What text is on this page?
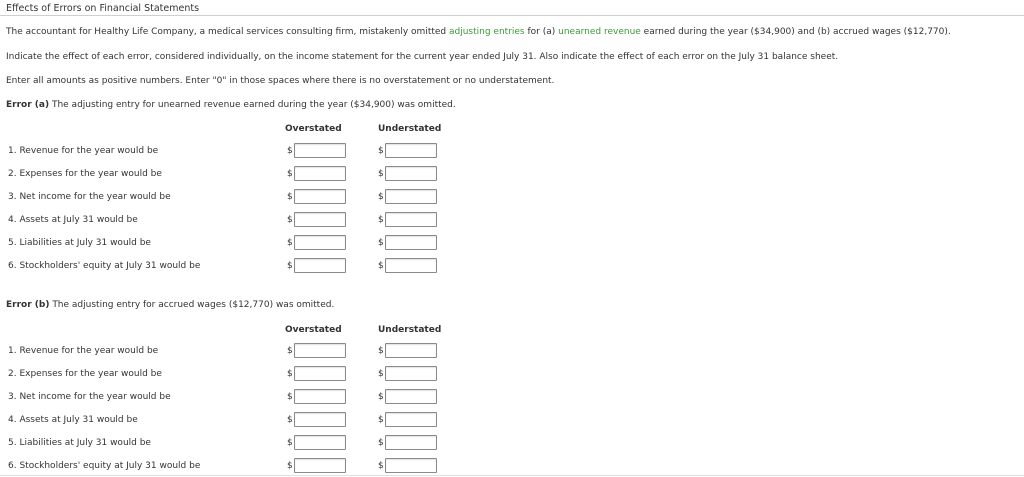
Effects of Errors on Financial Statements
The accountant for Healthy Life Company, a medical services consulting firm, mistakenly omitted adjusting entries for (a) unearned revenue earned during the year ($34,900) and (b) accrued wages ($12,770).
Indicate the effect of each error, considered individually, on the income statement for the current year ended July 31. Also indicate the effect of each error on the July 31 balance sheet.
Enter all amounts as positive numbers. Enter "0" in those spaces where there is no overstatement or no understatement.
Error (a) The adjusting entry for unearned revenue earned during the year ($34,900) was omitted.
Overstated	Understated
1. Revenue for the year would be	$	$
2. Expenses for the year would be	$	$
3. Net income for the year would be	$	$
4. Assets at July 31 would be	$	$
5. Liabilities at July 31 would be	$	$
6. Stockholders' equity at July 31 would be	$	$
Error (b) The adjusting entry for accrued wages ($12,770) was omitted.
Overstated	Understated
1. Revenue for the year would be	$	$
2. Expenses for the year would be	$	$
3. Net income for the year would be	$	$
4. Assets at July 31 would be	$	$
5. Liabilities at July 31 would be	$	$
6. Stockholders' equity at July 31 would be	$	$
